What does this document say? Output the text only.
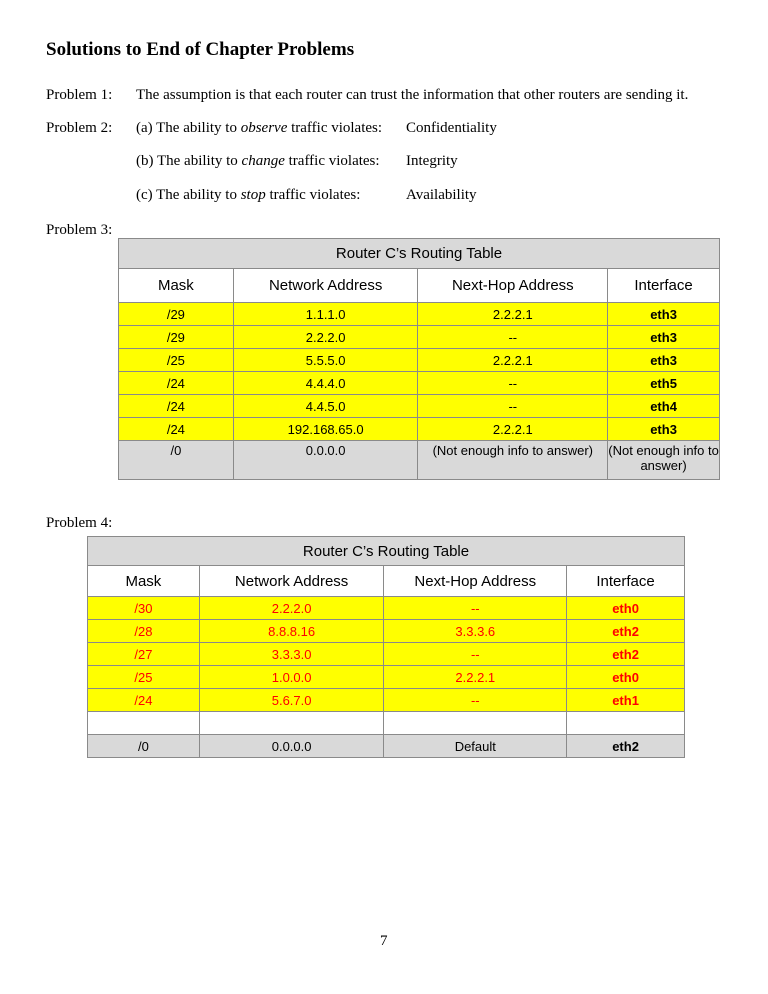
Solutions to End of Chapter Problems
Problem 1: The assumption is that each router can trust the information that other routers are sending it.
Problem 2: (a) The ability to observe traffic violates: Confidentiality
(b) The ability to change traffic violates: Integrity
(c) The ability to stop traffic violates:	Availability
Problem 3:
Router C’s Routing Table			
Mask	Network Address	Next-Hop Address	Interface
/29	1.1.1.0	2.2.2.1	eth3
/29	2.2.2.0	--	eth3
/25	5.5.5.0	2.2.2.1	eth3
/24	4.4.4.0	--	eth5
/24	4.4.5.0	--	eth4
/24	192.168.65.0	2.2.2.1	eth3
/0	0.0.0.0	(Not enough info to answer)	(Not enough info to answer)
Problem 4:
Router C’s Routing Table			
Mask	Network Address	Next-Hop Address	Interface
/30	2.2.2.0	--	eth0
/28	8.8.8.16	3.3.3.6	eth2
/27	3.3.3.0	--	eth2
/25	1.0.0.0	2.2.2.1	eth0
/24	5.6.7.0	--	eth1

/0	0.0.0.0	Default	eth2
7
